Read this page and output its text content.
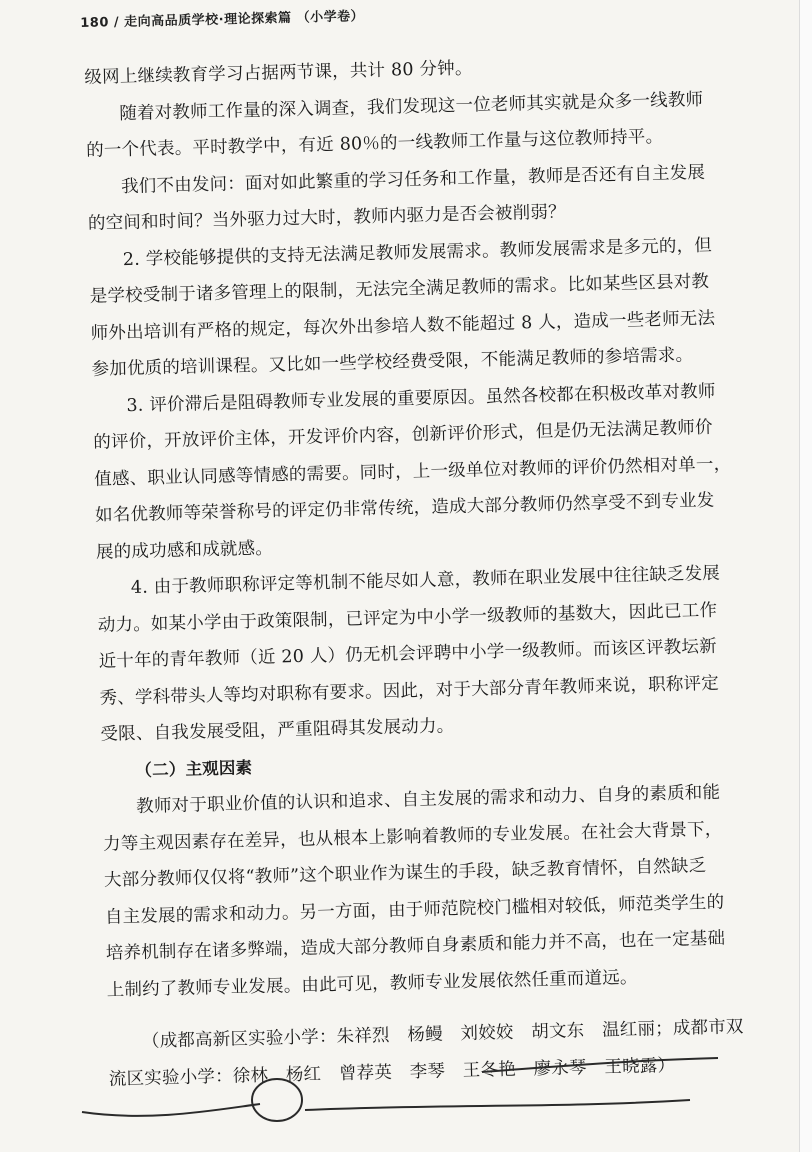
180 / 走向高品质学校·理论探索篇 （小学卷）
级网上继续教育学习占据两节课，共计 80 分钟。
随着对教师工作量的深入调查，我们发现这一位老师其实就是众多一线教师
的一个代表。平时教学中，有近 80％的一线教师工作量与这位教师持平。
我们不由发问：面对如此繁重的学习任务和工作量，教师是否还有自主发展
的空间和时间？当外驱力过大时，教师内驱力是否会被削弱？
2. 学校能够提供的支持无法满足教师发展需求。教师发展需求是多元的，但
是学校受制于诸多管理上的限制，无法完全满足教师的需求。比如某些区县对教
师外出培训有严格的规定，每次外出参培人数不能超过 8 人，造成一些老师无法
参加优质的培训课程。又比如一些学校经费受限，不能满足教师的参培需求。
3. 评价滞后是阻碍教师专业发展的重要原因。虽然各校都在积极改革对教师
的评价，开放评价主体，开发评价内容，创新评价形式，但是仍无法满足教师价
值感、职业认同感等情感的需要。同时，上一级单位对教师的评价仍然相对单一，
如名优教师等荣誉称号的评定仍非常传统，造成大部分教师仍然享受不到专业发
展的成功感和成就感。
4. 由于教师职称评定等机制不能尽如人意，教师在职业发展中往往缺乏发展
动力。如某小学由于政策限制，已评定为中小学一级教师的基数大，因此已工作
近十年的青年教师（近 20 人）仍无机会评聘中小学一级教师。而该区评教坛新
秀、学科带头人等均对职称有要求。因此，对于大部分青年教师来说，职称评定
受限、自我发展受阻，严重阻碍其发展动力。
（二）主观因素
教师对于职业价值的认识和追求、自主发展的需求和动力、自身的素质和能
力等主观因素存在差异，也从根本上影响着教师的专业发展。在社会大背景下，
大部分教师仅仅将“教师”这个职业作为谋生的手段，缺乏教育情怀，自然缺乏
自主发展的需求和动力。另一方面，由于师范院校门槛相对较低，师范类学生的
培养机制存在诸多弊端，造成大部分教师自身素质和能力并不高，也在一定基础
上制约了教师专业发展。由此可见，教师专业发展依然任重而道远。
（成都高新区实验小学：朱祥烈　杨鳗　刘姣姣　胡文东　温红丽；成都市双
流区实验小学：徐林　杨红　曾荐英　李琴　王冬艳　廖永琴　王晓露）
